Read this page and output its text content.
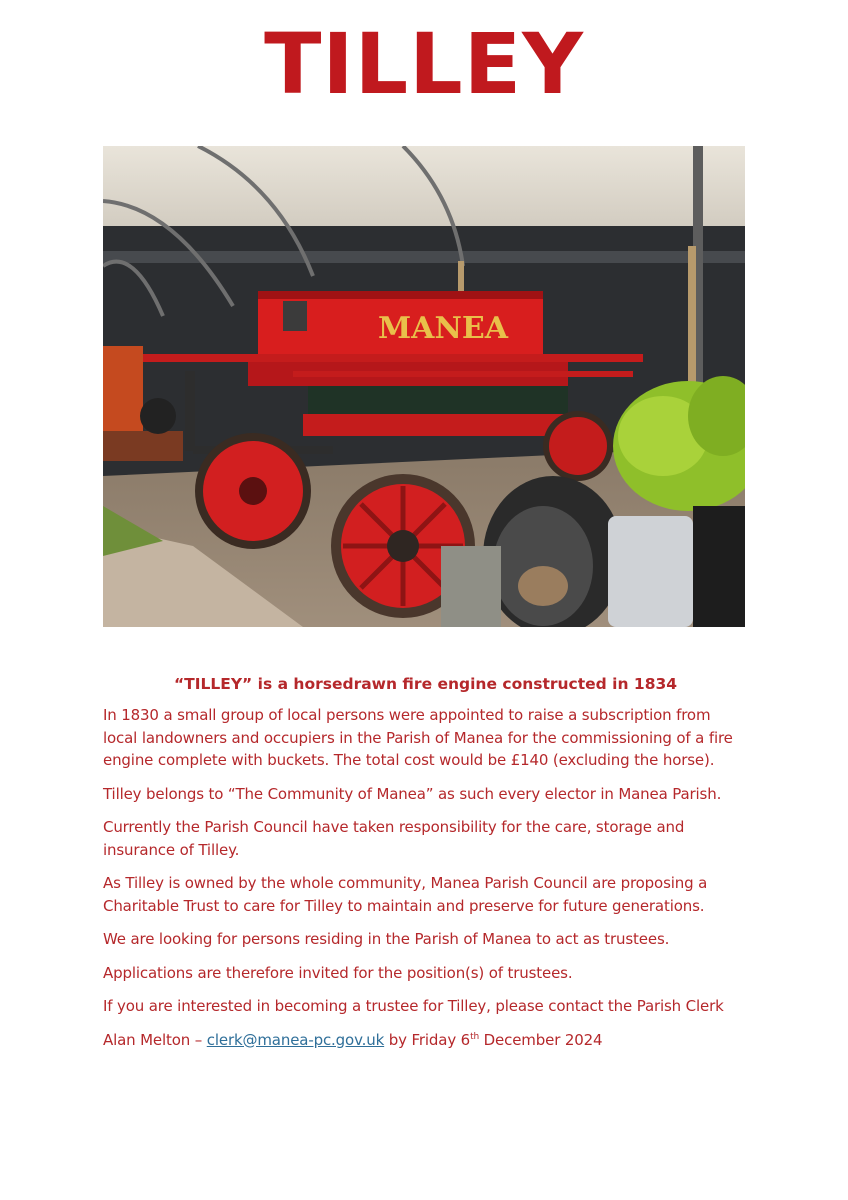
TILLEY
MANEA

“TILLEY” is a horsedrawn fire engine constructed in 1834

In 1830 a small group of local persons were appointed to raise a subscription from local landowners and occupiers in the Parish of Manea for the commissioning of a fire engine complete with buckets. The total cost would be £140 (excluding the horse).

Tilley belongs to “The Community of Manea” as such every elector in Manea Parish.

Currently the Parish Council have taken responsibility for the care, storage and insurance of Tilley.

As Tilley is owned by the whole community, Manea Parish Council are proposing a Charitable Trust to care for Tilley to maintain and preserve for future generations.

We are looking for persons residing in the Parish of Manea to act as trustees.

Applications are therefore invited for the position(s) of trustees.

If you are interested in becoming a trustee for Tilley, please contact the Parish Clerk

Alan Melton – clerk@manea-pc.gov.uk by Friday 6th December 2024
